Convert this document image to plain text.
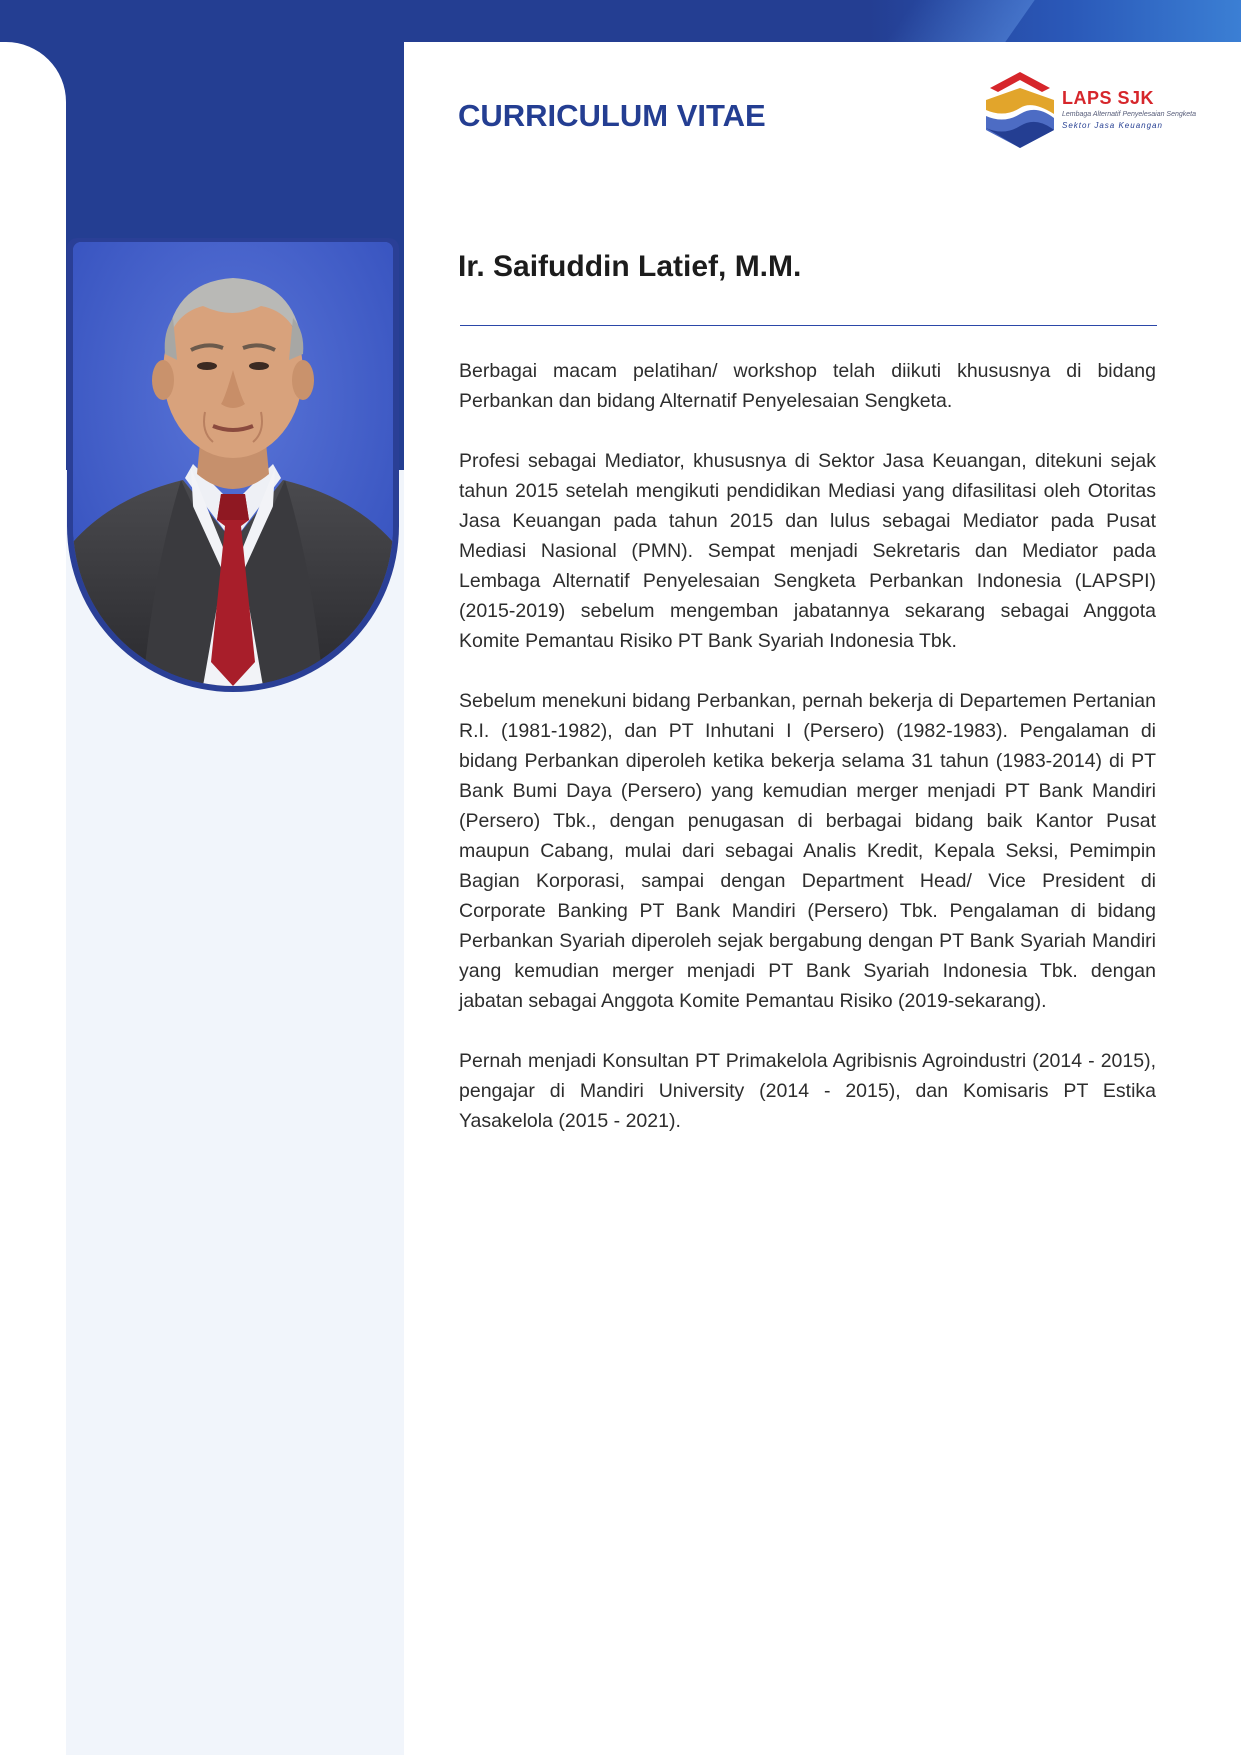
CURRICULUM VITAE	LAPS SJK
Lembaga Alternatif Penyelesaian Sengketa
Sektor Jasa Keuangan
Ir. Saifuddin Latief, M.M.

Berbagai macam pelatihan/ workshop telah diikuti khususnya di bidang Perbankan dan bidang Alternatif Penyelesaian Sengketa.

Profesi sebagai Mediator, khususnya di Sektor Jasa Keuangan, ditekuni sejak tahun 2015 setelah mengikuti pendidikan Mediasi yang difasilitasi oleh Otoritas Jasa Keuangan pada tahun 2015 dan lulus sebagai Mediator pada Pusat Mediasi Nasional (PMN). Sempat menjadi Sekretaris dan Mediator pada Lembaga Alternatif Penyelesaian Sengketa Perbankan Indonesia (LAPSPI) (2015-2019) sebelum mengemban jabatannya sekarang sebagai Anggota Komite Pemantau Risiko PT Bank Syariah Indonesia Tbk.

Sebelum menekuni bidang Perbankan, pernah bekerja di Departemen Pertanian R.I. (1981-1982), dan PT Inhutani I (Persero) (1982-1983). Pengalaman di bidang Perbankan diperoleh ketika bekerja selama 31 tahun (1983-2014) di PT Bank Bumi Daya (Persero) yang kemudian merger menjadi PT Bank Mandiri (Persero) Tbk., dengan penugasan di berbagai bidang baik Kantor Pusat maupun Cabang, mulai dari sebagai Analis Kredit, Kepala Seksi, Pemimpin Bagian Korporasi, sampai dengan Department Head/ Vice President di Corporate Banking PT Bank Mandiri (Persero) Tbk. Pengalaman di bidang Perbankan Syariah diperoleh sejak bergabung dengan PT Bank Syariah Mandiri yang kemudian merger menjadi PT Bank Syariah Indonesia Tbk. dengan jabatan sebagai Anggota Komite Pemantau Risiko (2019-sekarang).

Pernah menjadi Konsultan PT Primakelola Agribisnis Agroindustri (2014 - 2015), pengajar di Mandiri University (2014 - 2015), dan Komisaris PT Estika Yasakelola (2015 - 2021).
